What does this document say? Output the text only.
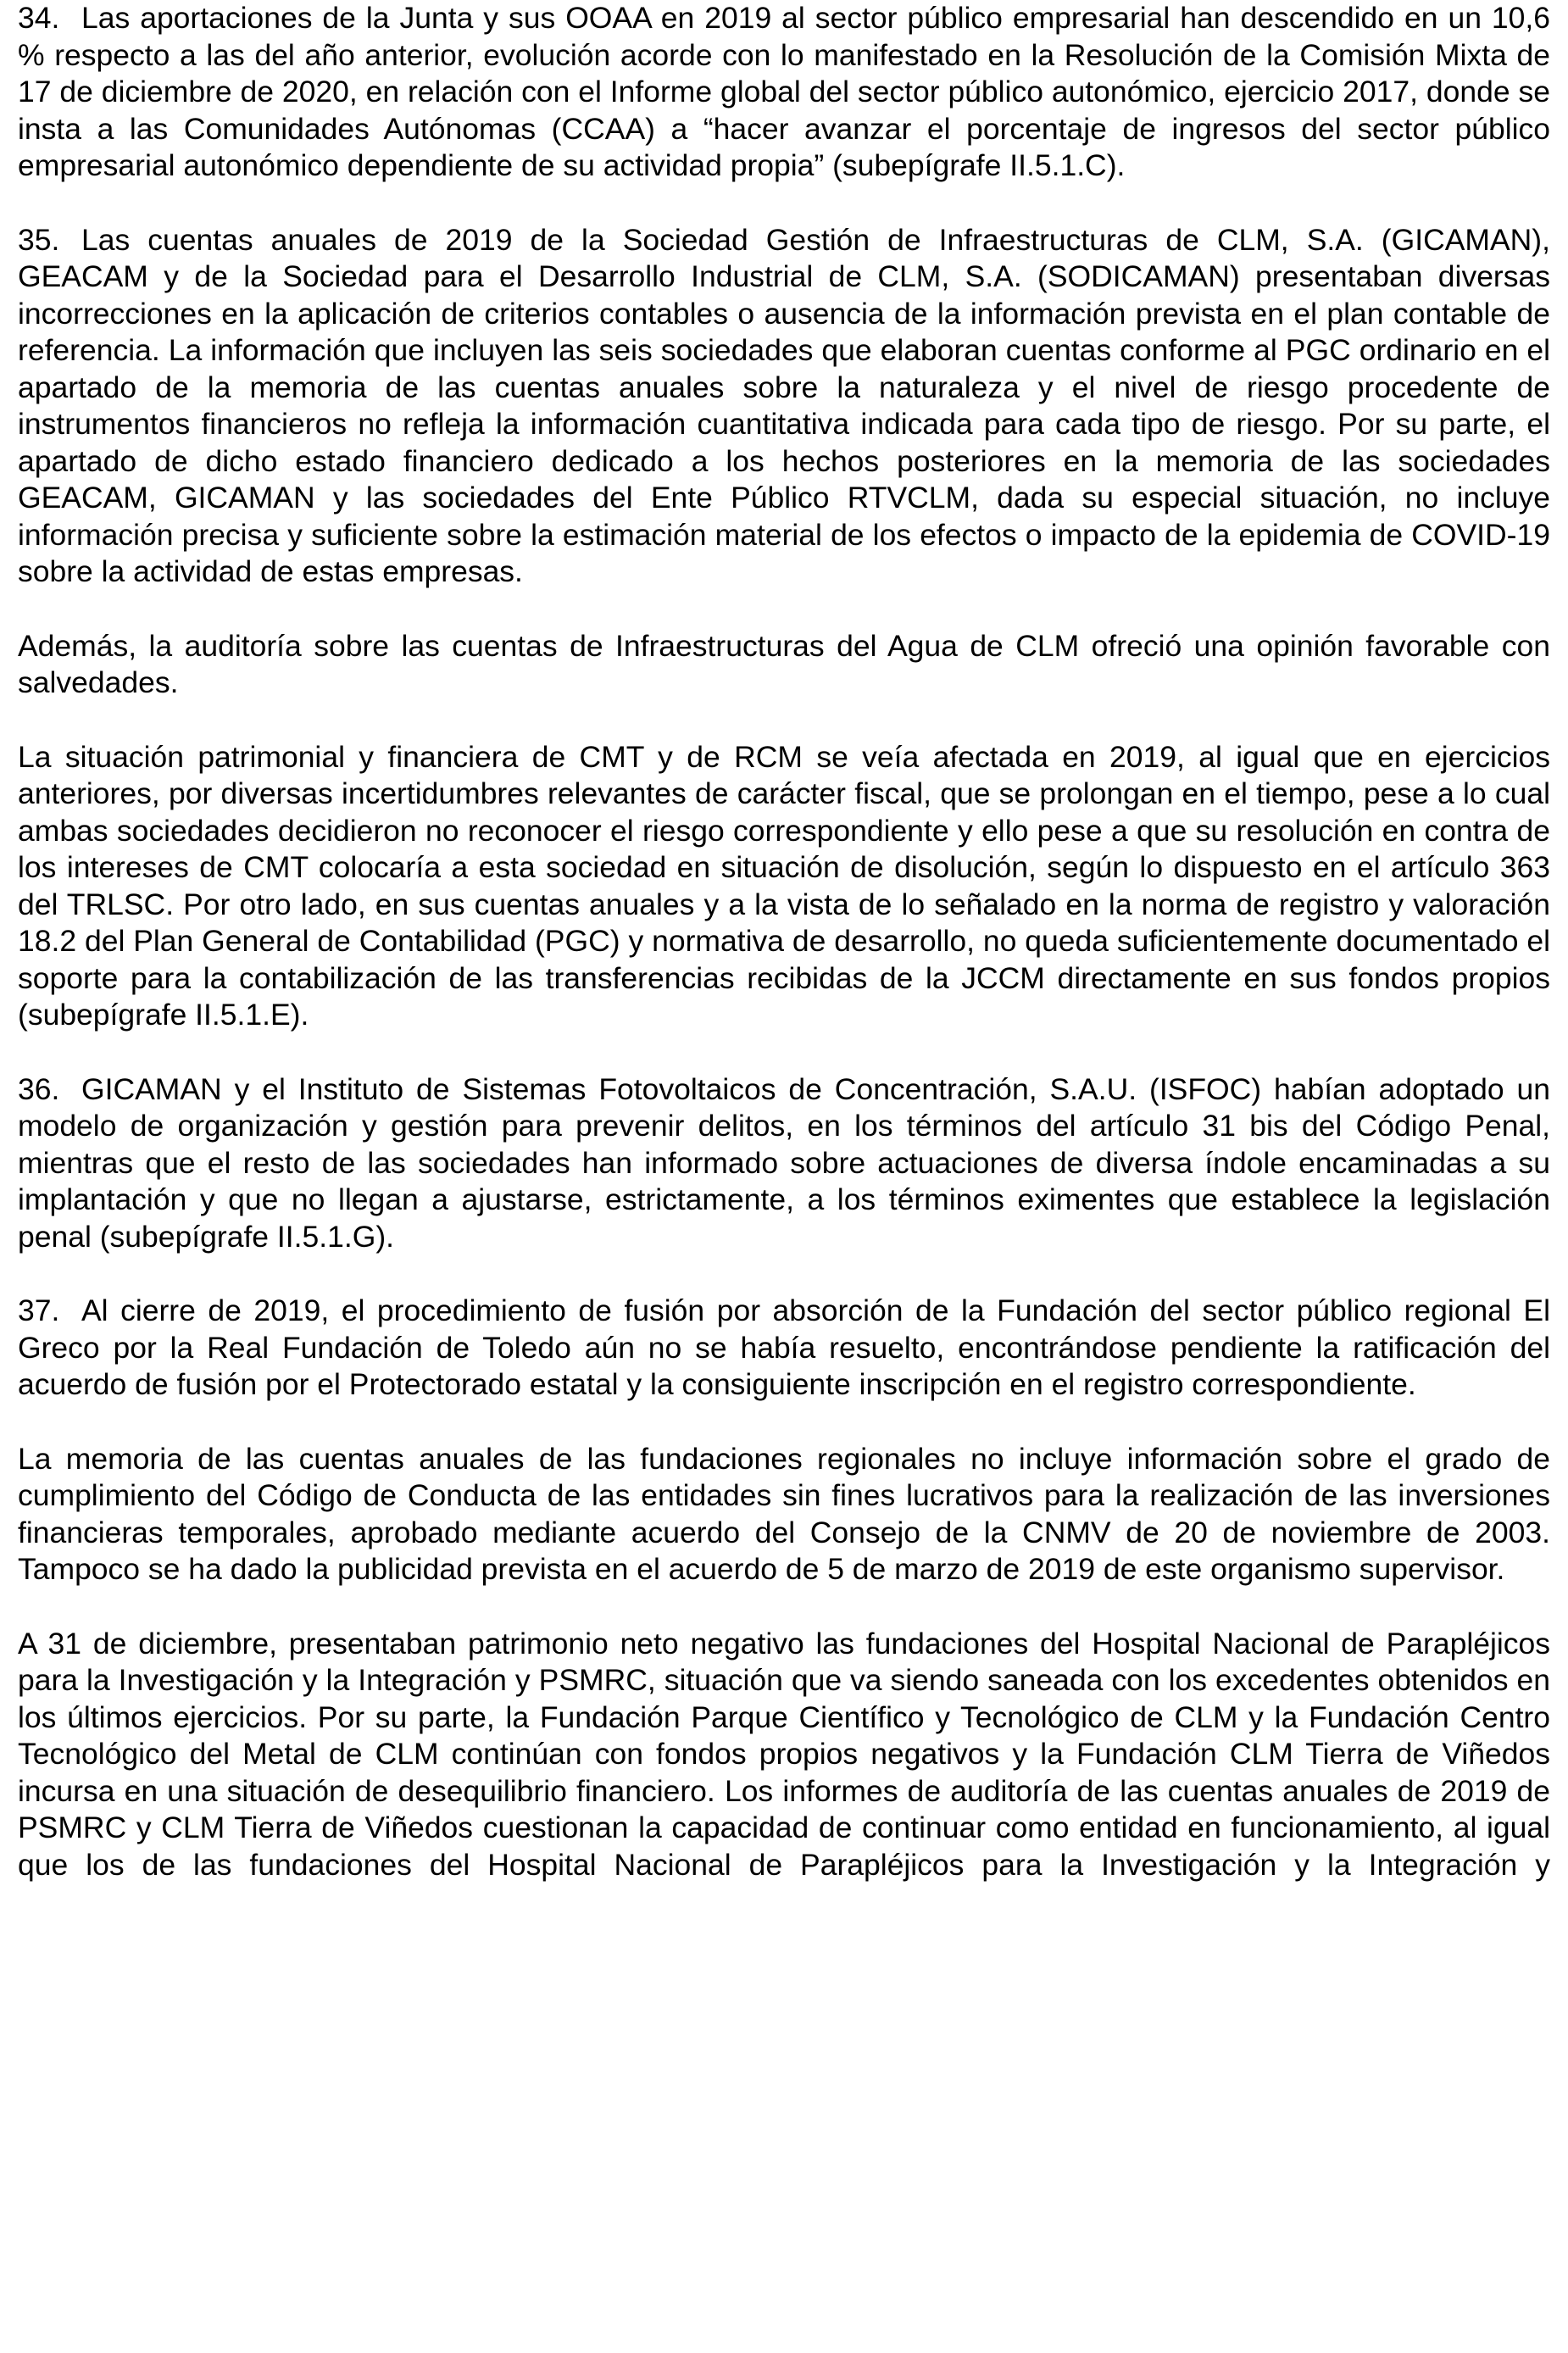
34. Las aportaciones de la Junta y sus OOAA en 2019 al sector público empresarial han descendido en un 10,6 % respecto a las del año anterior, evolución acorde con lo manifestado en la Resolución de la Comisión Mixta de 17 de diciembre de 2020, en relación con el Informe global del sector público autonómico, ejercicio 2017, donde se insta a las Comunidades Autónomas (CCAA) a “hacer avanzar el porcentaje de ingresos del sector público empresarial autonómico dependiente de su actividad propia” (subepígrafe II.5.1.C).

35. Las cuentas anuales de 2019 de la Sociedad Gestión de Infraestructuras de CLM, S.A. (GICAMAN), GEACAM y de la Sociedad para el Desarrollo Industrial de CLM, S.A. (SODICAMAN) presentaban diversas incorrecciones en la aplicación de criterios contables o ausencia de la información prevista en el plan contable de referencia. La información que incluyen las seis sociedades que elaboran cuentas conforme al PGC ordinario en el apartado de la memoria de las cuentas anuales sobre la naturaleza y el nivel de riesgo procedente de instrumentos financieros no refleja la información cuantitativa indicada para cada tipo de riesgo. Por su parte, el apartado de dicho estado financiero dedicado a los hechos posteriores en la memoria de las sociedades GEACAM, GICAMAN y las sociedades del Ente Público RTVCLM, dada su especial situación, no incluye información precisa y suficiente sobre la estimación material de los efectos o impacto de la epidemia de COVID-19 sobre la actividad de estas empresas.

Además, la auditoría sobre las cuentas de Infraestructuras del Agua de CLM ofreció una opinión favorable con salvedades.

La situación patrimonial y financiera de CMT y de RCM se veía afectada en 2019, al igual que en ejercicios anteriores, por diversas incertidumbres relevantes de carácter fiscal, que se prolongan en el tiempo, pese a lo cual ambas sociedades decidieron no reconocer el riesgo correspondiente y ello pese a que su resolución en contra de los intereses de CMT colocaría a esta sociedad en situación de disolución, según lo dispuesto en el artículo 363 del TRLSC. Por otro lado, en sus cuentas anuales y a la vista de lo señalado en la norma de registro y valoración 18.2 del Plan General de Contabilidad (PGC) y normativa de desarrollo, no queda suficientemente documentado el soporte para la contabilización de las transferencias recibidas de la JCCM directamente en sus fondos propios (subepígrafe II.5.1.E).

36. GICAMAN y el Instituto de Sistemas Fotovoltaicos de Concentración, S.A.U. (ISFOC) habían adoptado un modelo de organización y gestión para prevenir delitos, en los términos del artículo 31 bis del Código Penal, mientras que el resto de las sociedades han informado sobre actuaciones de diversa índole encaminadas a su implantación y que no llegan a ajustarse, estrictamente, a los términos eximentes que establece la legislación penal (subepígrafe II.5.1.G).

37. Al cierre de 2019, el procedimiento de fusión por absorción de la Fundación del sector público regional El Greco por la Real Fundación de Toledo aún no se había resuelto, encontrándose pendiente la ratificación del acuerdo de fusión por el Protectorado estatal y la consiguiente inscripción en el registro correspondiente.

La memoria de las cuentas anuales de las fundaciones regionales no incluye información sobre el grado de cumplimiento del Código de Conducta de las entidades sin fines lucrativos para la realización de las inversiones financieras temporales, aprobado mediante acuerdo del Consejo de la CNMV de 20 de noviembre de 2003. Tampoco se ha dado la publicidad prevista en el acuerdo de 5 de marzo de 2019 de este organismo supervisor.

A 31 de diciembre, presentaban patrimonio neto negativo las fundaciones del Hospital Nacional de Parapléjicos para la Investigación y la Integración y PSMRC, situación que va siendo saneada con los excedentes obtenidos en los últimos ejercicios. Por su parte, la Fundación Parque Científico y Tecnológico de CLM y la Fundación Centro Tecnológico del Metal de CLM continúan con fondos propios negativos y la Fundación CLM Tierra de Viñedos incursa en una situación de desequilibrio financiero. Los informes de auditoría de las cuentas anuales de 2019 de PSMRC y CLM Tierra de Viñedos cuestionan la capacidad de continuar como entidad en funcionamiento, al igual que los de las fundaciones del Hospital Nacional de Parapléjicos para la Investigación y la Integración y
